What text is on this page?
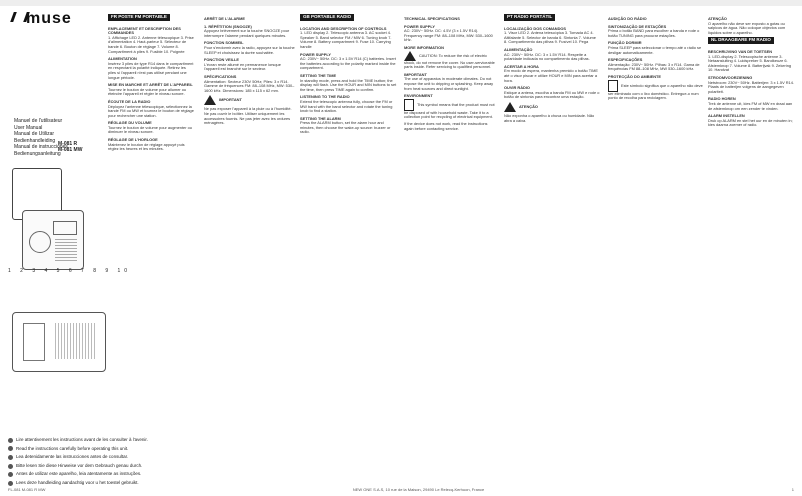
muse
Manuel de l'utilisateur
User Manual
Manual de Utilizar
Bedienhandleiding
Manual de instrucciones
Bedienungsanleitung
M-081 R
M-081 MW
1 2 3 4 5 6 7 8 9 10
Lire attentivement les instructions avant de les consulter à l'avenir.
Read the instructions carefully before operating this unit.
Lea detenidamente las instrucciones antes de consultar.
Bitte lesen Sie diese Hinweise vor dem Gebrauch genau durch.
Antes de utilizar este aparelho, leia atentamente as instruções.
Lees deze handleiding aandachtig voor u het toestel gebruikt.
FR POSTE FM PORTABLE
EMPLACEMENT ET DESCRIPTION DES COMMANDES

1. Affichage LED 2. Antenne télescopique 3. Prise d'alimentation 4. Haut-parleur 5. Sélecteur de bande 6. Bouton de réglage 7. Volume 8. Compartiment à piles 9. Fusible 10. Poignée

ALIMENTATION

Insérez 3 piles de type R14 dans le compartiment en respectant la polarité indiquée. Retirez les piles si l'appareil n'est pas utilisé pendant une longue période.

MISE EN MARCHE ET ARRÊT DE L'APPAREIL

Tournez le bouton de volume pour allumer ou éteindre l'appareil et régler le niveau sonore.

ÉCOUTE DE LA RADIO

Déployez l'antenne télescopique, sélectionnez la bande FM ou MW et tournez le bouton de réglage pour rechercher une station.

RÉGLAGE DU VOLUME

Tournez le bouton de volume pour augmenter ou diminuer le niveau sonore.

RÉGLAGE DE L'HORLOGE

Maintenez le bouton de réglage appuyé puis réglez les heures et les minutes.

ARRÊT DE L'ALARME
1. RÉPÉTITION (SNOOZE)

Appuyez brièvement sur la touche SNOOZE pour interrompre l'alarme pendant quelques minutes.

FONCTION SOMMEIL

Pour s'endormir avec la radio, appuyez sur la touche SLEEP et choisissez la durée souhaitée.

FONCTION VEILLE

L'écran reste allumé en permanence lorsque l'appareil est branché sur le secteur.

SPÉCIFICATIONS

Alimentation: Secteur 230V 50Hz; Piles: 3 x R14. Gamme de fréquences FM: 88–108 MHz, MW: 530–1600 kHz. Dimensions: 185 x 115 x 62 mm.

IMPORTANT

Ne pas exposer l'appareil à la pluie ou à l'humidité. Ne pas ouvrir le boîtier. Utiliser uniquement les accessoires fournis. Ne pas jeter avec les ordures ménagères.

GB PORTABLE RADIO
LOCATION AND DESCRIPTION OF CONTROLS

1. LED display 2. Telescopic antenna 3. AC socket 4. Speaker 5. Band selector FM / MW 6. Tuning knob 7. Volume 8. Battery compartment 9. Fuse 10. Carrying handle

POWER SUPPLY

AC: 230V~ 50Hz. DC: 3 x 1.5V R14 (C) batteries. Insert the batteries according to the polarity marked inside the compartment.

SETTING THE TIME

In standby mode, press and hold the TIME button; the display will flash. Use the HOUR and MIN buttons to set the time, then press TIME again to confirm.

LISTENING TO THE RADIO

Extend the telescopic antenna fully, choose the FM or MW band with the band selector and rotate the tuning knob to find a station.

SETTING THE ALARM

Press the ALARM button, set the alarm hour and minutes, then choose the wake-up source: buzzer or radio.

TECHNICAL SPECIFICATIONS
POWER SUPPLY

AC: 230V~ 50Hz. DC: 4.5V (3 x 1.5V R14). Frequency range FM: 88–108 MHz, MW: 530–1600 kHz.

MORE INFORMATION

CAUTION: To reduce the risk of electric shock, do not remove the cover. No user-serviceable parts inside. Refer servicing to qualified personnel.

IMPORTANT

The use of apparatus in moderate climates. Do not expose the unit to dripping or splashing. Keep away from heat sources and direct sunlight.

ENVIRONMENT

This symbol means that the product must not be disposed of with household waste. Take it to a collection point for recycling of electrical equipment.

If the device does not work, read the instructions again before contacting service.

PT RÁDIO PORTÁTIL
LOCALIZAÇÃO DOS COMANDOS

1. Visor LED 2. Antena telescópica 3. Tomada AC 4. Altifalante 5. Selector de banda 6. Sintonia 7. Volume 8. Compartimento das pilhas 9. Fusível 10. Pega

ALIMENTAÇÃO

AC: 230V~ 50Hz. DC: 3 x 1.5V R14. Respeite a polaridade indicada no compartimento das pilhas.

ACERTAR A HORA

Em modo de espera, mantenha premido o botão TIME até o visor piscar e utilize HOUR e MIN para acertar a hora.

OUVIR RÁDIO

Estique a antena, escolha a banda FM ou MW e rode o botão de sintonia para encontrar uma estação.

ATENÇÃO

Não exponha o aparelho à chuva ou humidade. Não abra a caixa.

AUDIÇÃO DO RÁDIO
SINTONIZAÇÃO DE ESTAÇÕES

Prima o botão BAND para escolher a banda e rode o botão TUNING para procurar estações.

FUNÇÃO DORMIR

Prima SLEEP para seleccionar o tempo até o rádio se desligar automaticamente.

ESPECIFICAÇÕES

Alimentação: 230V~ 50Hz. Pilhas: 3 x R14. Gama de frequências FM 88–108 MHz, MW 530–1600 kHz.

PROTECÇÃO DO AMBIENTE

Este símbolo significa que o aparelho não deve ser eliminado com o lixo doméstico. Entregue-o num ponto de recolha para reciclagem.

ATENÇÃO

O aparelho não deve ser exposto a gotas ou salpicos de água. Não coloque objectos com líquidos sobre o aparelho.

NL DRAAGBARE FM RADIO
BESCHRIJVING VAN DE TOETSEN

1. LED-display 2. Telescopische antenne 3. Netaansluiting 4. Luidspreker 5. Bandkeuze 6. Afstemknop 7. Volume 8. Batterijvak 9. Zekering 10. Handvat

STROOMVOORZIENING

Netstroom: 230V~ 50Hz. Batterijen: 3 x 1.5V R14. Plaats de batterijen volgens de aangegeven polariteit.

RADIO HOREN

Trek de antenne uit, kies FM of MW en draai aan de afstemknop om een zender te vinden.

ALARM INSTELLEN

Druk op ALARM en stel het uur en de minuten in; kies daarna zoemer of radio.

FL-081 M-081 R MW	NEW ONE S.A.S, 10 rue de la Maison, 29490 Le Relecq-Kerhuon, France	1
